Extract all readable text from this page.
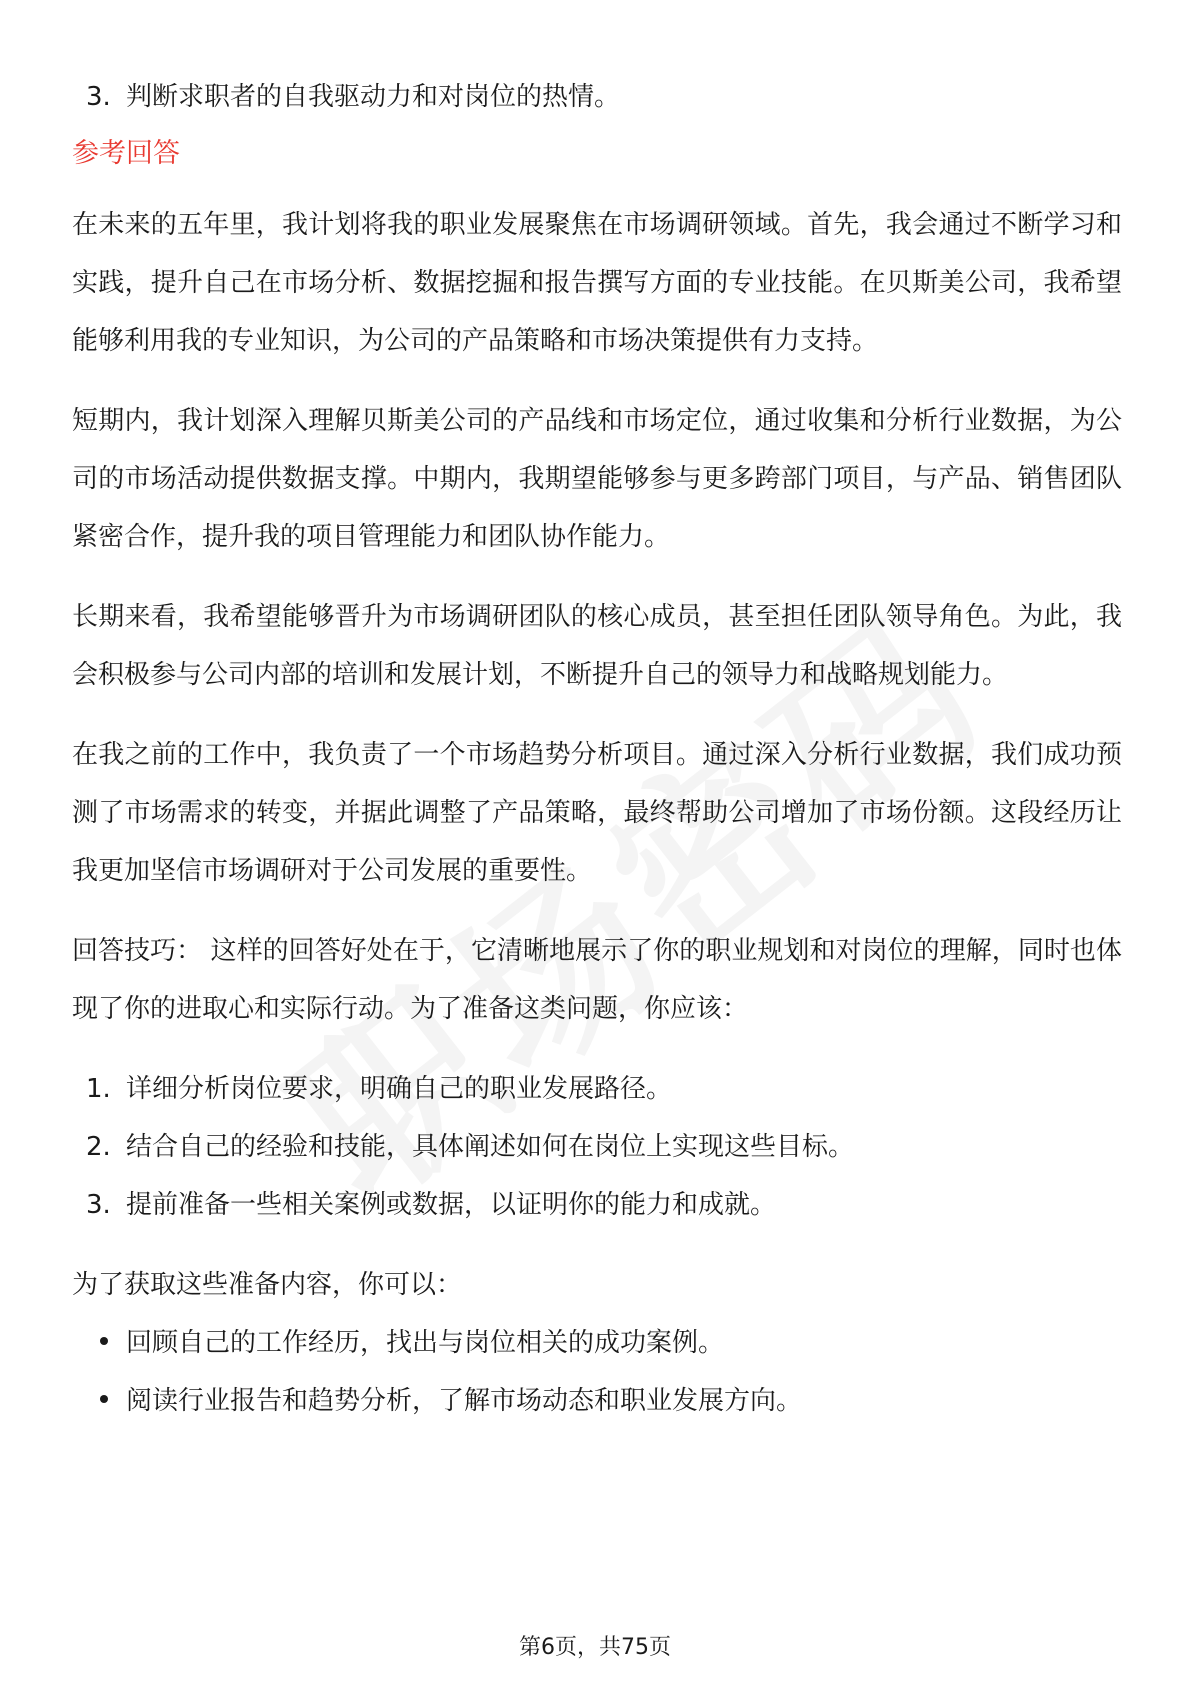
3. 判断求职者的自我驱动力和对岗位的热情。
参考回答

在未来的五年里，我计划将我的职业发展聚焦在市场调研领域。首先，我会通过不断学习和实践，提升自己在市场分析、数据挖掘和报告撰写方面的专业技能。在贝斯美公司，我希望能够利用我的专业知识，为公司的产品策略和市场决策提供有力支持。

短期内，我计划深入理解贝斯美公司的产品线和市场定位，通过收集和分析行业数据，为公司的市场活动提供数据支撑。中期内，我期望能够参与更多跨部门项目，与产品、销售团队紧密合作，提升我的项目管理能力和团队协作能力。

长期来看，我希望能够晋升为市场调研团队的核心成员，甚至担任团队领导角色。为此，我会积极参与公司内部的培训和发展计划，不断提升自己的领导力和战略规划能力。

在我之前的工作中，我负责了一个市场趋势分析项目。通过深入分析行业数据，我们成功预测了市场需求的转变，并据此调整了产品策略，最终帮助公司增加了市场份额。这段经历让我更加坚信市场调研对于公司发展的重要性。

回答技巧： 这样的回答好处在于，它清晰地展示了你的职业规划和对岗位的理解，同时也体现了你的进取心和实际行动。为了准备这类问题，你应该：

1. 详细分析岗位要求，明确自己的职业发展路径。
2. 结合自己的经验和技能，具体阐述如何在岗位上实现这些目标。
3. 提前准备一些相关案例或数据，以证明你的能力和成就。

为了获取这些准备内容，你可以：

回顾自己的工作经历，找出与岗位相关的成功案例。
阅读行业报告和趋势分析，了解市场动态和职业发展方向。
第6页，共75页
